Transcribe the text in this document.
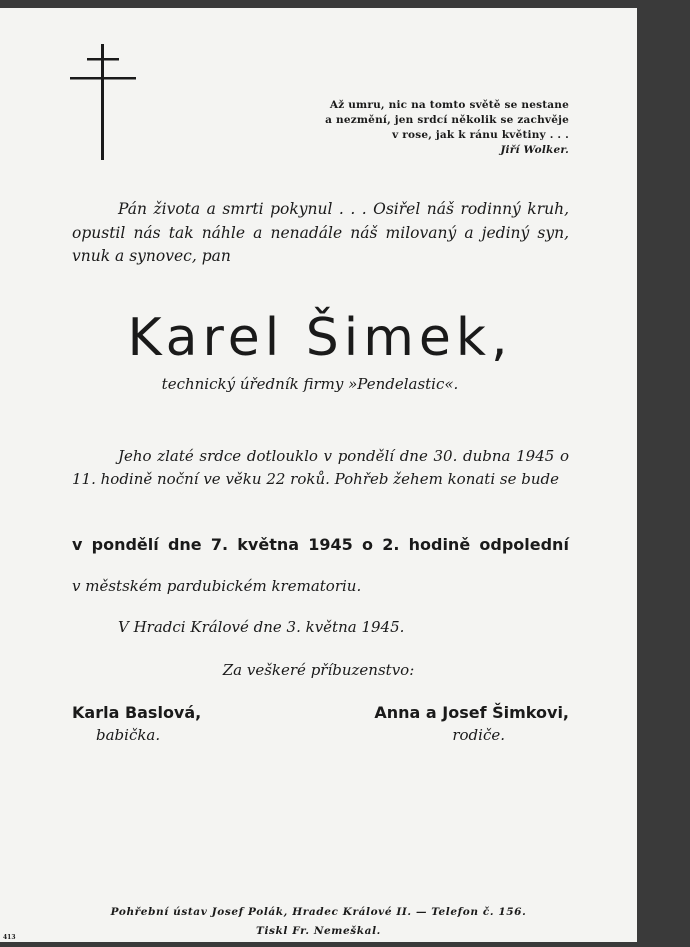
Až umru, nic na tomto světě se nestane
a nezmění, jen srdcí několik se zachvěje
v rose, jak k ránu květiny . . .
Jiří Wolker.
Pán života a smrti pokynul . . . Osiřel náš rodinný kruh, opustil nás tak náhle a nenadále náš milovaný a jediný syn, vnuk a synovec, pan
Karel Šimek,
technický úředník firmy »Pendelastic«.
Jeho zlaté srdce dotlouklo v pondělí dne 30. dubna 1945 o 11. hodině noční ve věku 22 roků. Pohřeb žehem konati se bude
v pondělí dne 7. května 1945 o 2. hodině odpolední
v městském pardubickém krematoriu.
V Hradci Králové dne 3. května 1945.
Za veškeré příbuzenstvo:
Karla Baslová,
babička.
Anna a Josef Šimkovi,
rodiče.
Pohřební ústav Josef Polák, Hradec Králové II. — Telefon č. 156.
Tiskl Fr. Nemeškal.
413
